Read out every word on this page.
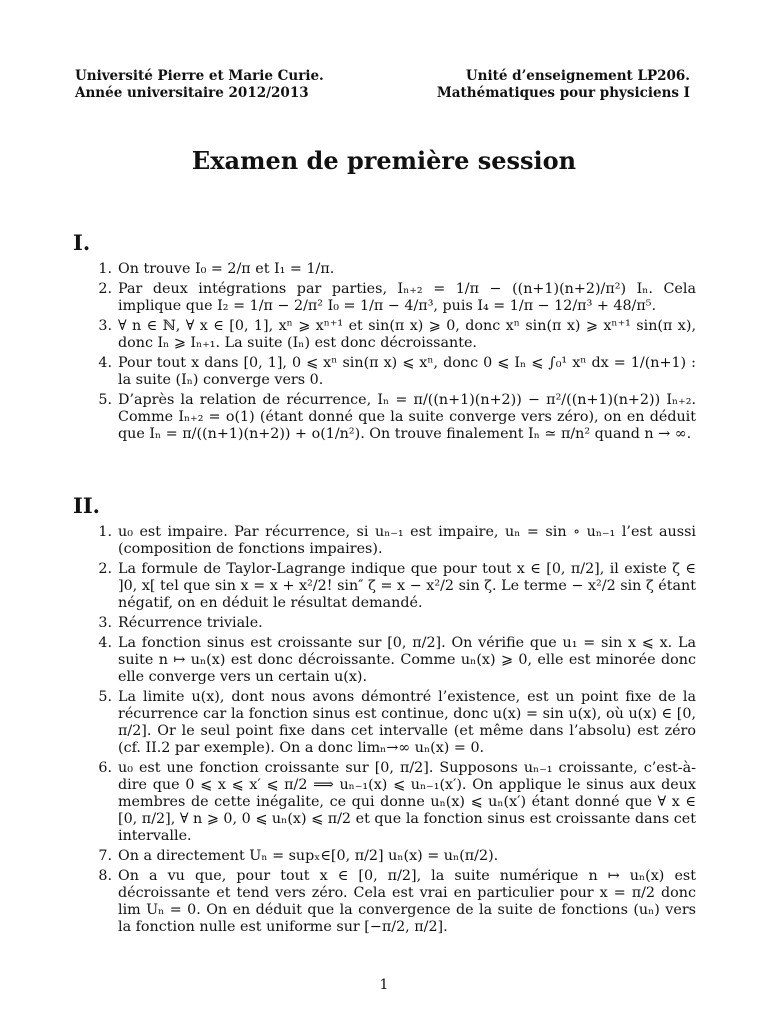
Université Pierre et Marie Curie.
Année universitaire 2012/2013
Unité d’enseignement LP206.
Mathématiques pour physiciens I
Examen de première session
I.
1. On trouve I₀ = 2/π et I₁ = 1/π.
2. Par deux intégrations par parties, Iₙ₊₂ = 1/π − ((n+1)(n+2)/π²) Iₙ. Cela implique que I₂ = 1/π − 2/π² I₀ = 1/π − 4/π³, puis I₄ = 1/π − 12/π³ + 48/π⁵.
3. ∀ n ∈ ℕ, ∀ x ∈ [0, 1], xⁿ ⩾ xⁿ⁺¹ et sin(π x) ⩾ 0, donc xⁿ sin(π x) ⩾ xⁿ⁺¹ sin(π x), donc Iₙ ⩾ Iₙ₊₁. La suite (Iₙ) est donc décroissante.
4. Pour tout x dans [0, 1], 0 ⩽ xⁿ sin(π x) ⩽ xⁿ, donc 0 ⩽ Iₙ ⩽ ∫₀¹ xⁿ dx = 1/(n+1) : la suite (Iₙ) converge vers 0.
5. D’après la relation de récurrence, Iₙ = π/((n+1)(n+2)) − π²/((n+1)(n+2)) Iₙ₊₂. Comme Iₙ₊₂ = o(1) (étant donné que la suite converge vers zéro), on en déduit que Iₙ = π/((n+1)(n+2)) + o(1/n²). On trouve finalement Iₙ ≃ π/n² quand n → ∞.
II.
1. u₀ est impaire. Par récurrence, si uₙ₋₁ est impaire, uₙ = sin ∘ uₙ₋₁ l’est aussi (composition de fonctions impaires).
2. La formule de Taylor-Lagrange indique que pour tout x ∈ [0, π/2], il existe ζ ∈ ]0, x[ tel que sin x = x + x²/2! sin″ ζ = x − x²/2 sin ζ. Le terme − x²/2 sin ζ étant négatif, on en déduit le résultat demandé.
3. Récurrence triviale.
4. La fonction sinus est croissante sur [0, π/2]. On vérifie que u₁ = sin x ⩽ x. La suite n ↦ uₙ(x) est donc décroissante. Comme uₙ(x) ⩾ 0, elle est minorée donc elle converge vers un certain u(x).
5. La limite u(x), dont nous avons démontré l’existence, est un point fixe de la récurrence car la fonction sinus est continue, donc u(x) = sin u(x), où u(x) ∈ [0, π/2]. Or le seul point fixe dans cet intervalle (et même dans l’absolu) est zéro (cf. II.2 par exemple). On a donc limₙ→∞ uₙ(x) = 0.
6. u₀ est une fonction croissante sur [0, π/2]. Supposons uₙ₋₁ croissante, c’est-à-dire que 0 ⩽ x ⩽ x′ ⩽ π/2 ⟹ uₙ₋₁(x) ⩽ uₙ₋₁(x′). On applique le sinus aux deux membres de cette inégalite, ce qui donne uₙ(x) ⩽ uₙ(x′) étant donné que ∀ x ∈ [0, π/2], ∀ n ⩾ 0, 0 ⩽ uₙ(x) ⩽ π/2 et que la fonction sinus est croissante dans cet intervalle.
7. On a directement Uₙ = supₓ∈[0, π/2] uₙ(x) = uₙ(π/2).
8. On a vu que, pour tout x ∈ [0, π/2], la suite numérique n ↦ uₙ(x) est décroissante et tend vers zéro. Cela est vrai en particulier pour x = π/2 donc lim Uₙ = 0. On en déduit que la convergence de la suite de fonctions (uₙ) vers la fonction nulle est uniforme sur [−π/2, π/2].
1
